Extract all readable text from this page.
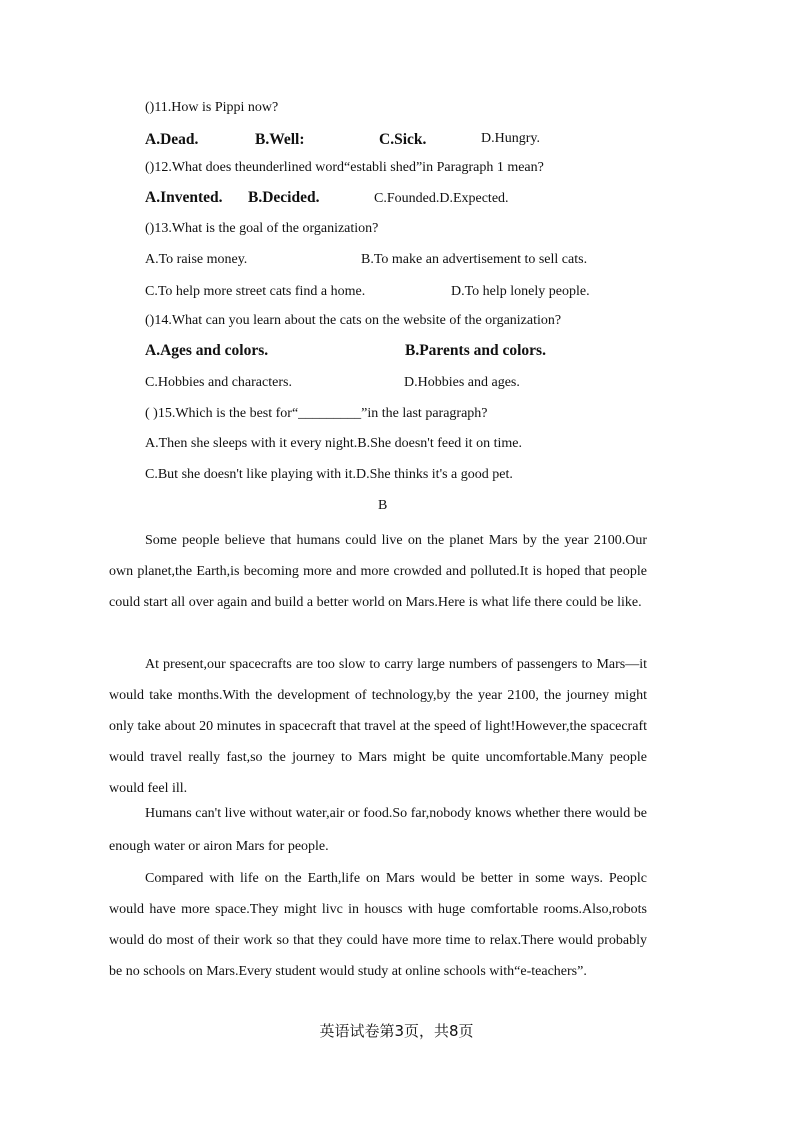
()11.How is Pippi now?
A.Dead.	B.Well:	C.Sick.	D.Hungry.
()12.What does theunderlined word“establi shed”in Paragraph 1 mean?
A.Invented. B.Decided.	C.Founded.D.Expected.
()13.What is the goal of the organization?
A.To raise money.	B.To make an advertisement to sell cats.
C.To help more street cats find a home.	D.To help lonely people.
()14.What can you learn about the cats on the website of the organization?
A.Ages and colors.	B.Parents and colors.
C.Hobbies and characters.	D.Hobbies and ages.
( )15.Which is the best for“_________”in the last paragraph?
A.Then she sleeps with it every night.B.She doesn't feed it on time.
C.But she doesn't like playing with it.D.She thinks it's a good pet.
B

Some people believe that humans could live on the planet Mars by the year 2100.Our own planet,the Earth,is becoming more and more crowded and polluted.It is hoped that people could start all over again and build a better world on Mars.Here is what life there could be like.

At present,our spacecrafts are too slow to carry large numbers of passengers to Mars—it would take months.With the development of technology,by the year 2100, the journey might only take about 20 minutes in spacecraft that travel at the speed of light!However,the spacecraft would travel really fast,so the journey to Mars might be quite uncomfortable.Many people would feel ill.

Humans can't live without water,air or food.So far,nobody knows whether there would be enough water or airon Mars for people.

Compared with life on the Earth,life on Mars would be better in some ways. Peoplc would have more space.They might livc in houscs with huge comfortable rooms.Also,robots would do most of their work so that they could have more time to relax.There would probably be no schools on Mars.Every student would study at online schools with“e-teachers”.

英语试卷第3页，共8页
